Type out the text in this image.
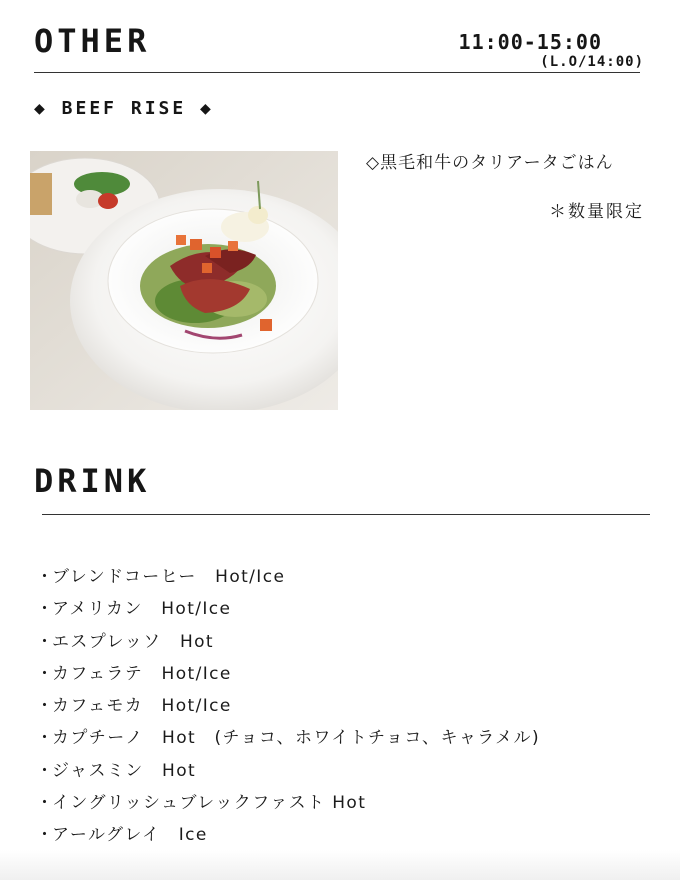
OTHER	11:00-15:00
(L.O/14:00)
◆ BEEF RISE ◆
◇黒毛和牛のタリアータごはん
＊数量限定
DRINK
・ブレンドコーヒー　Hot/Ice
・アメリカン　Hot/Ice
・エスプレッソ　Hot
・カフェラテ　Hot/Ice
・カフェモカ　Hot/Ice
・カプチーノ　Hot　(チョコ、ホワイトチョコ、キャラメル)
・ジャスミン　Hot
・イングリッシュブレックファスト Hot
・アールグレイ　Ice
